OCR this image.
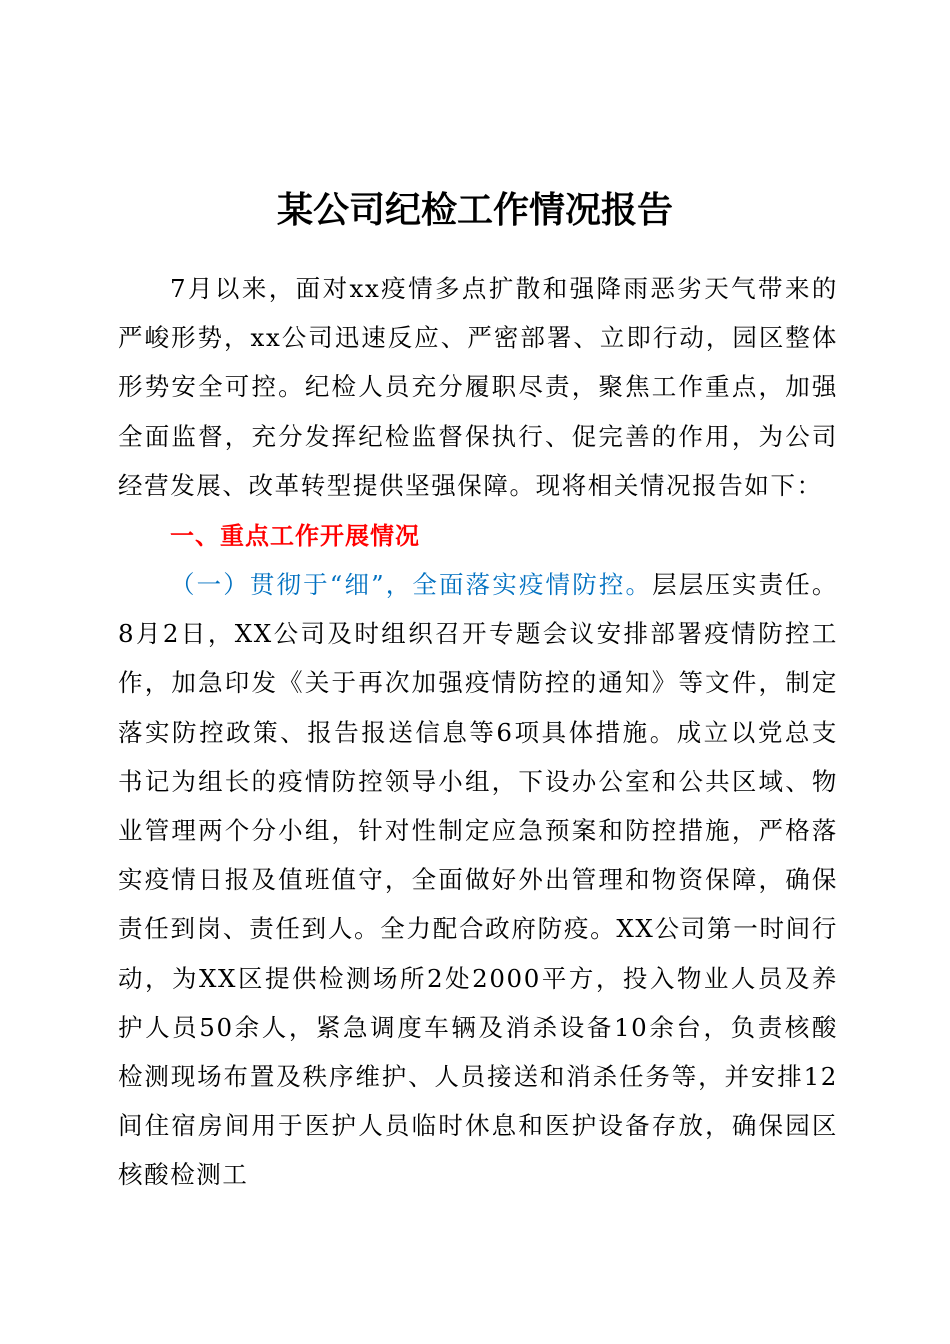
某公司纪检工作情况报告

7月以来，面对xx疫情多点扩散和强降雨恶劣天气带来的严峻形势，xx公司迅速反应、严密部署、立即行动，园区整体形势安全可控。纪检人员充分履职尽责，聚焦工作重点，加强全面监督，充分发挥纪检监督保执行、促完善的作用，为公司经营发展、改革转型提供坚强保障。现将相关情况报告如下：

一、重点工作开展情况

（一）贯彻于“细”，全面落实疫情防控。层层压实责任。8月2日，XX公司及时组织召开专题会议安排部署疫情防控工作，加急印发《关于再次加强疫情防控的通知》等文件，制定落实防控政策、报告报送信息等6项具体措施。成立以党总支书记为组长的疫情防控领导小组，下设办公室和公共区域、物业管理两个分小组，针对性制定应急预案和防控措施，严格落实疫情日报及值班值守，全面做好外出管理和物资保障，确保责任到岗、责任到人。全力配合政府防疫。XX公司第一时间行动，为XX区提供检测场所2处2000平方，投入物业人员及养护人员50余人，紧急调度车辆及消杀设备10余台，负责核酸检测现场布置及秩序维护、人员接送和消杀任务等，并安排12间住宿房间用于医护人员临时休息和医护设备存放，确保园区核酸检测工
